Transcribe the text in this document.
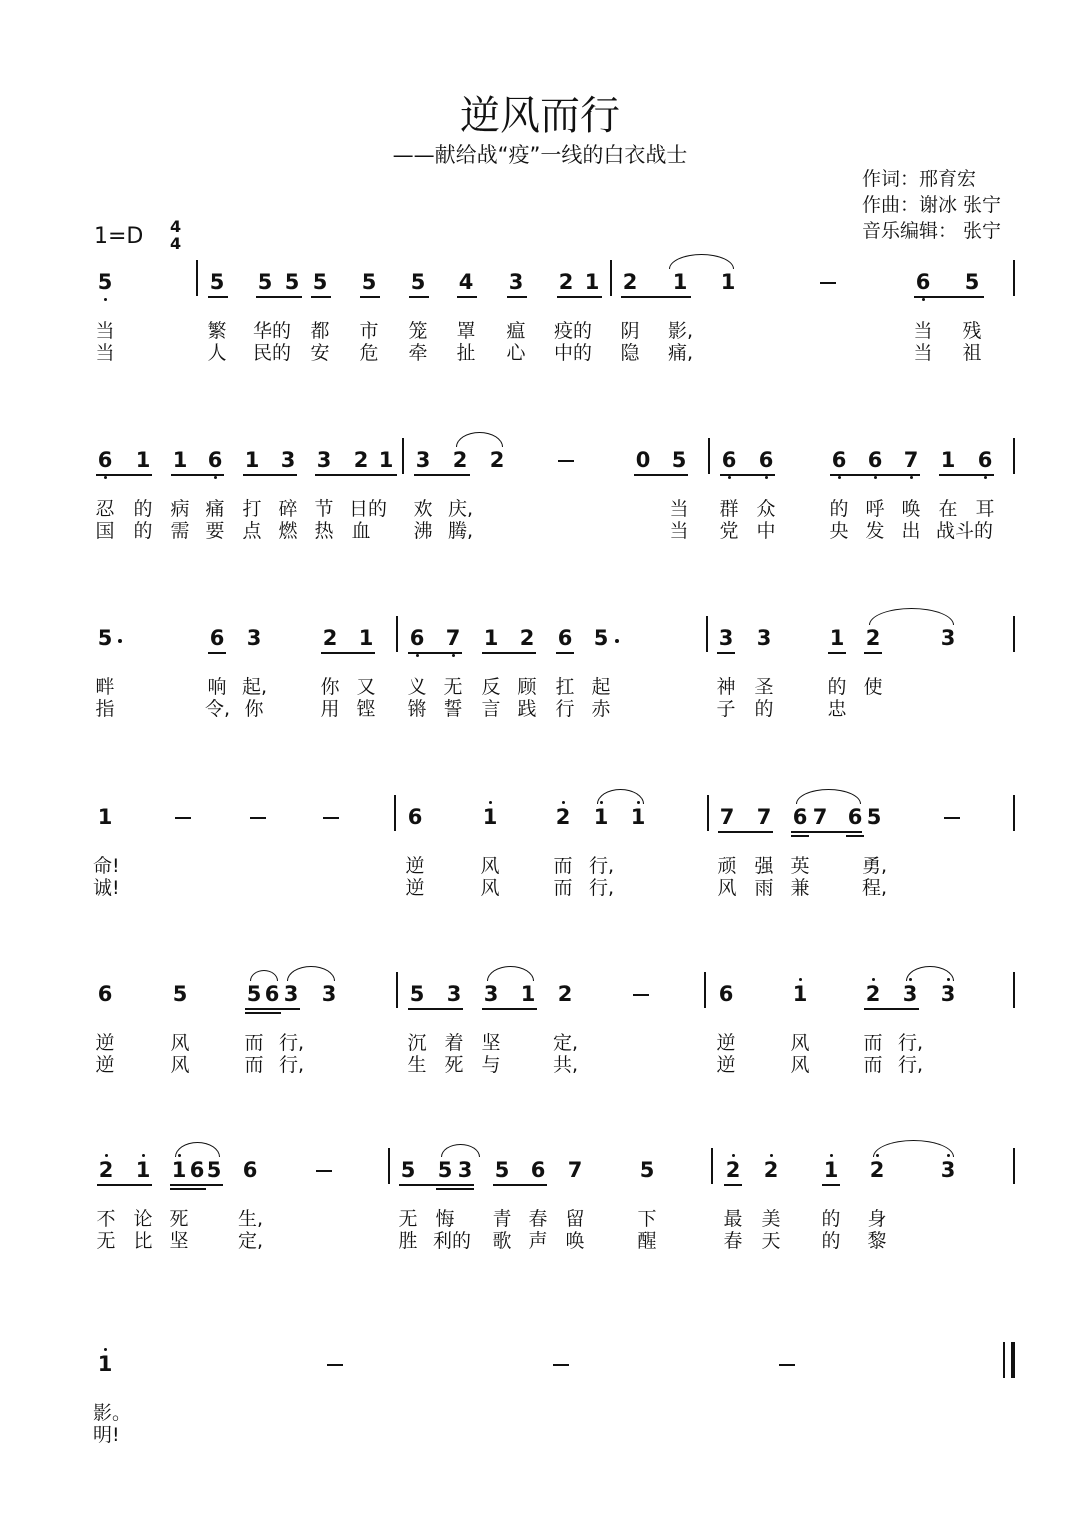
逆风而行
——献给战“疫”一线的白衣战士
作词：邢育宏
作曲：谢冰 张宁
音乐编辑： 张宁
1=D 4
4
5	5 5 5 5 5 5 4 3 2 1 2 1 1	6 5
当	繁 华的 都 市 笼 罩 瘟 疫的 阴 影,	当 残
当	人 民的 安 危 牵 扯 心 中的 隐 痛,	当 祖
6 1 1 6 1 3 3 2 1 3 2 2	0 5 6 6	6 6 7 1 6
忍 的 病 痛 打 碎 节 日的 欢 庆,	当 群 众	的 呼 唤 在 耳
国 的 需 要 点 燃 热 血 沸 腾,	当 党 中	央 发 出 战斗的
5	6 3	2 1 6 7 1 2 6 5	3 3	1 2	3
畔	响 起,	你 又 义 无 反 顾 扛 起	神 圣	的 使
指	令, 你	用 铿 锵 誓 言 践 行 赤	子 的	忠
1	6	1	2 1 1	7 7 6 7 6 5
命!	逆	风	而 行,	顽 强 英	勇,
诚!	逆	风	而 行,	风 雨 兼	程,
6	5	5 6 3 3	5 3 3 1 2	6	1	2 3 3
逆	风	而 行,	沉 着 坚	定,	逆	风	而 行,
逆	风	而 行,	生 死 与	共,	逆	风	而 行,
2 1 1 6 5 6	5 5 3 5 6 7	5	2 2 1 2	3
不 论 死	生,	无 悔 青 春 留	下	最 美 的 身
无 比 坚	定,	胜 利的 歌 声 唤	醒	春 天 的 黎
1
影。
明!
